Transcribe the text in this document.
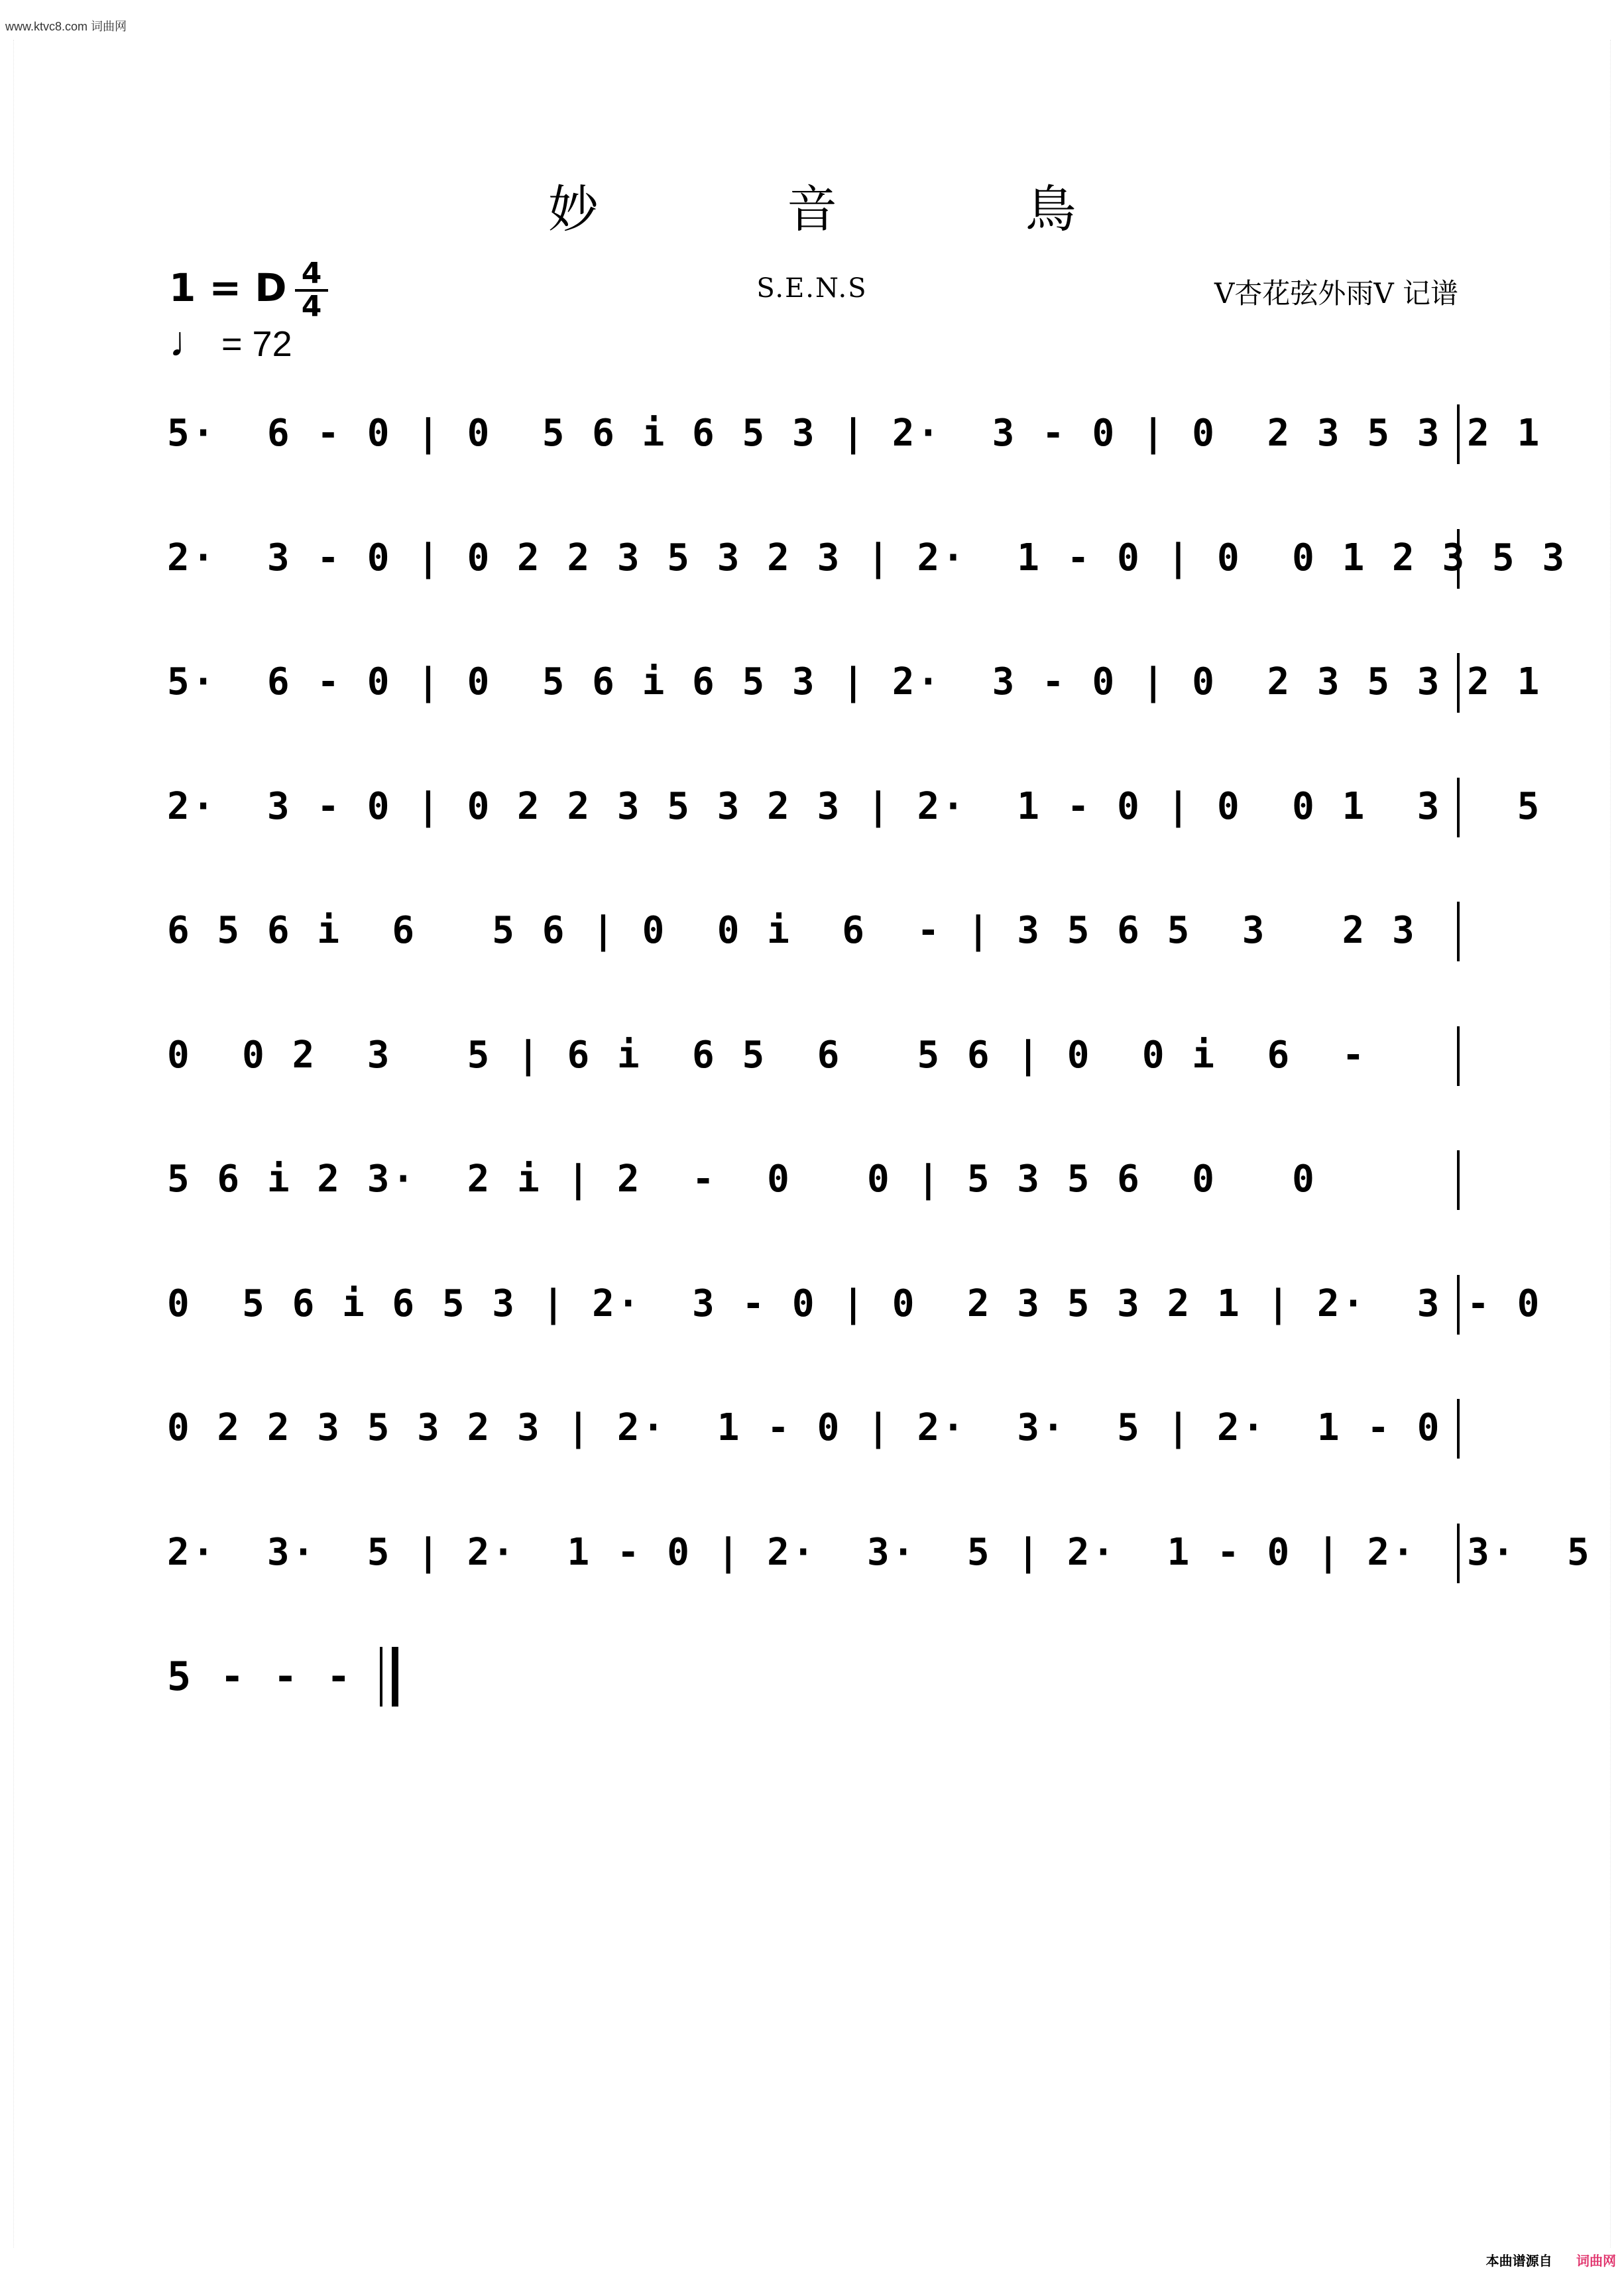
www.ktvc8.com 词曲网
妙 音 鳥
1 = D 4
4
♩ = 72
S.E.N.S	V杏花弦外雨V 记谱
5·  6 - 0 | 0  5 6 i 6 5 3 | 2·  3 - 0 | 0  2 3 5 3 2 1
2·  3 - 0 | 0 2 2 3 5 3 2 3 | 2·  1 - 0 | 0  0 1 2 3 5 3
5·  6 - 0 | 0  5 6 i 6 5 3 | 2·  3 - 0 | 0  2 3 5 3 2 1
2·  3 - 0 | 0 2 2 3 5 3 2 3 | 2·  1 - 0 | 0  0 1  3   5
6 5 6 i  6   5 6 | 0  0 i  6  - | 3 5 6 5  3   2 3
0  0 2  3   5 | 6 i  6 5  6   5 6 | 0  0 i  6  -
5 6 i 2 3·  2 i | 2  -  0   0 | 5 3 5 6  0   0
0  5 6 i 6 5 3 | 2·  3 - 0 | 0  2 3 5 3 2 1 | 2·  3 - 0
0 2 2 3 5 3 2 3 | 2·  1 - 0 | 2·  3·  5 | 2·  1 - 0
2·  3·  5 | 2·  1 - 0 | 2·  3·  5 | 2·  1 - 0 | 2·  3·  5
5 - - -
本曲谱源自 词曲网
